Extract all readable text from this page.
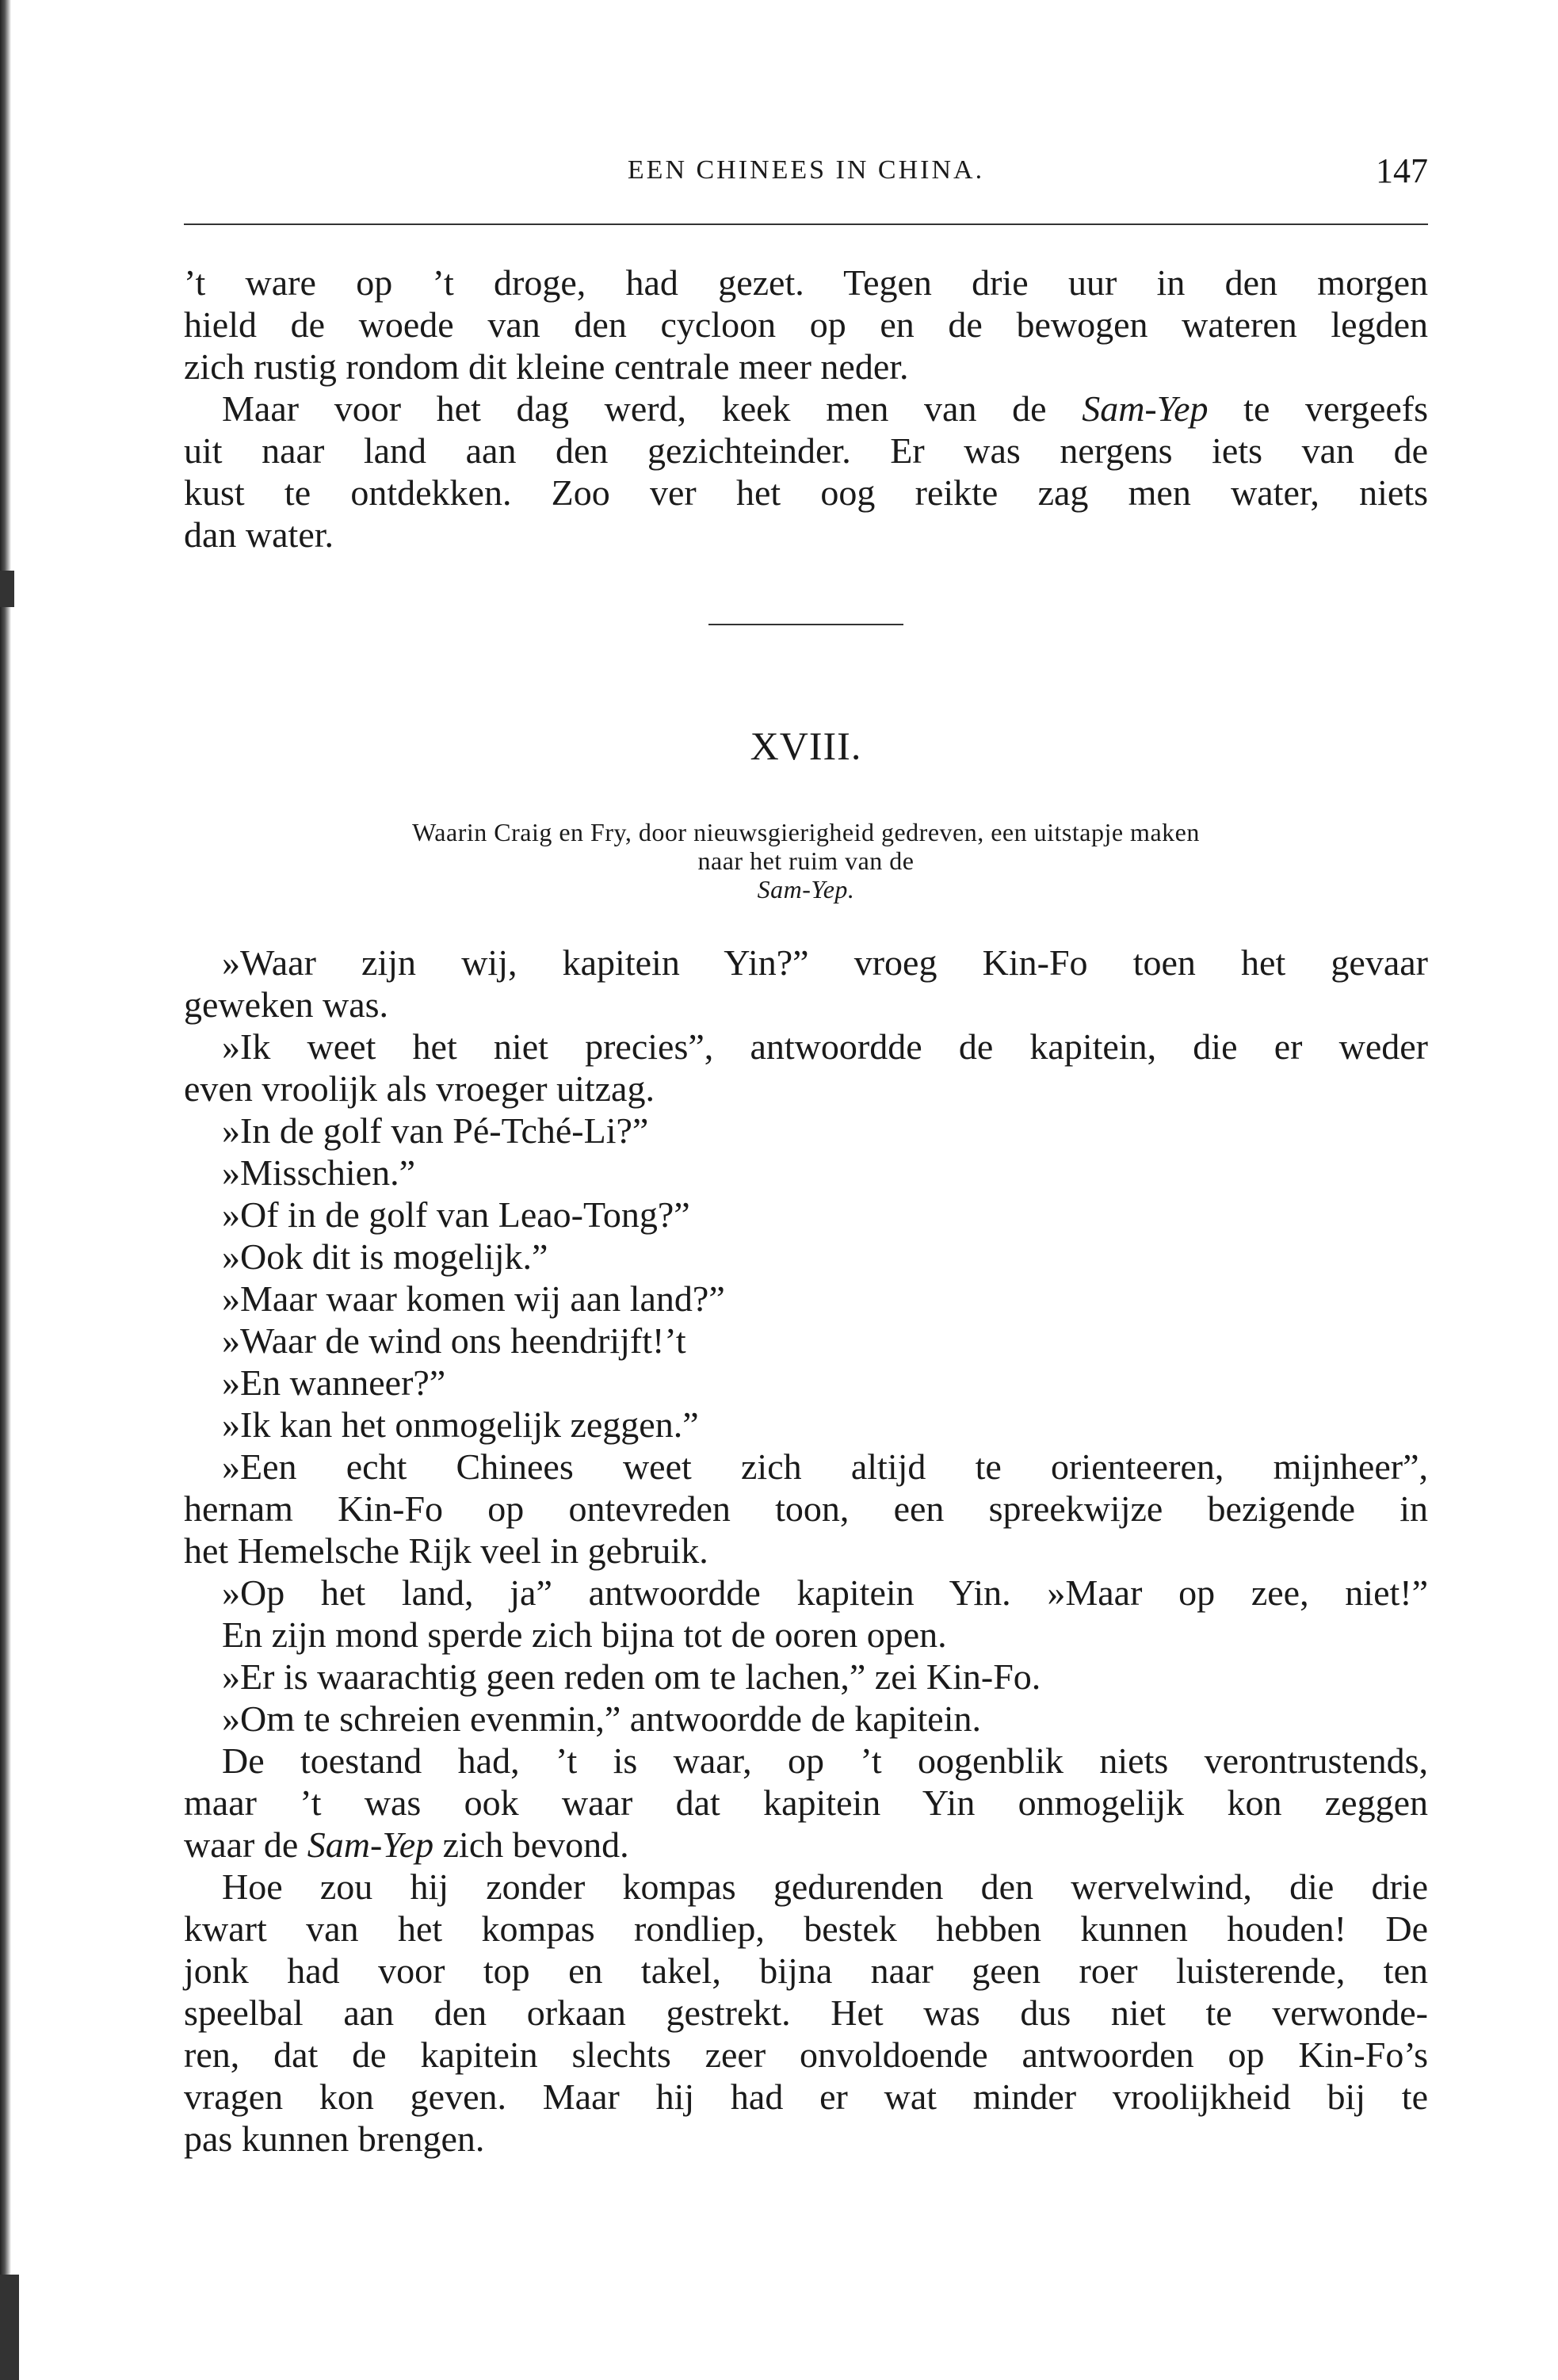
EEN CHINEES IN CHINA.	147
’t ware op ’t droge, had gezet. Tegen drie uur in den morgen
hield de woede van den cycloon op en de bewogen wateren legden
zich rustig rondom dit kleine centrale meer neder.
Maar voor het dag werd, keek men van de Sam-Yep te vergeefs
uit naar land aan den gezichteinder. Er was nergens iets van de
kust te ontdekken. Zoo ver het oog reikte zag men water, niets
dan water.
XVIII.
Waarin Craig en Fry, door nieuwsgierigheid gedreven, een uitstapje maken
naar het ruim van de
Sam-Yep.
»Waar zijn wij, kapitein Yin?” vroeg Kin-Fo toen het gevaar
geweken was.
»Ik weet het niet precies”, antwoordde de kapitein, die er weder
even vroolijk als vroeger uitzag.
»In de golf van Pé-Tché-Li?”
»Misschien.”
»Of in de golf van Leao-Tong?”
»Ook dit is mogelijk.”
»Maar waar komen wij aan land?”
»Waar de wind ons heendrijft!’t
»En wanneer?”
»Ik kan het onmogelijk zeggen.”
»Een echt Chinees weet zich altijd te orienteeren, mijnheer”,
hernam Kin-Fo op ontevreden toon, een spreekwijze bezigende in
het Hemelsche Rijk veel in gebruik.
»Op het land, ja” antwoordde kapitein Yin. »Maar op zee, niet!”
En zijn mond sperde zich bijna tot de ooren open.
»Er is waarachtig geen reden om te lachen,” zei Kin-Fo.
»Om te schreien evenmin,” antwoordde de kapitein.
De toestand had, ’t is waar, op ’t oogenblik niets verontrustends,
maar ’t was ook waar dat kapitein Yin onmogelijk kon zeggen
waar de Sam-Yep zich bevond.
Hoe zou hij zonder kompas gedurenden den wervelwind, die drie
kwart van het kompas rondliep, bestek hebben kunnen houden! De
jonk had voor top en takel, bijna naar geen roer luisterende, ten
speelbal aan den orkaan gestrekt. Het was dus niet te verwonde-
ren, dat de kapitein slechts zeer onvoldoende antwoorden op Kin-Fo’s
vragen kon geven. Maar hij had er wat minder vroolijkheid bij te
pas kunnen brengen.
